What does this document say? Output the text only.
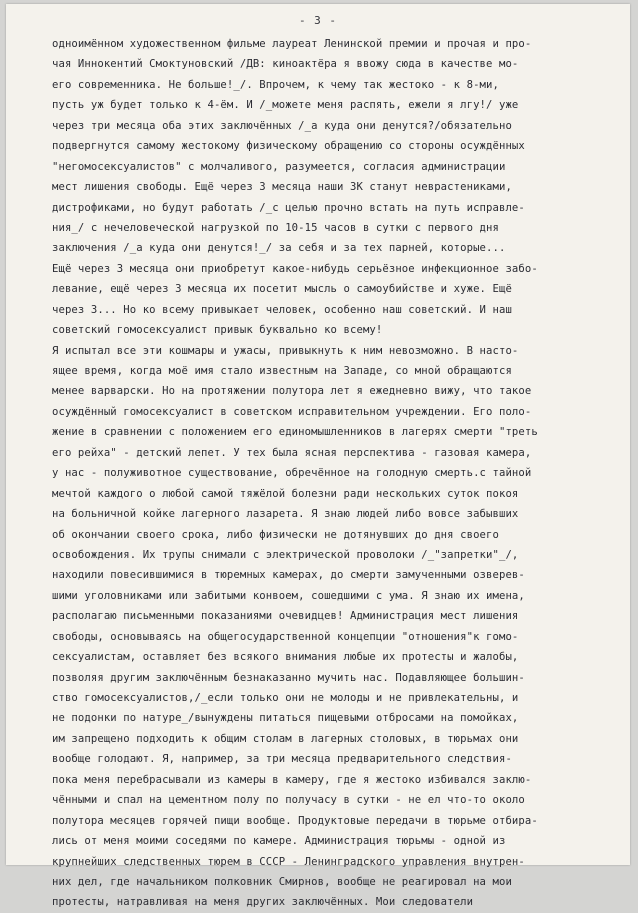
- 3 -
одноимённом художественном фильме лауреат Ленинской премии и прочая и про-
чая Иннокентий Смоктуновский /ДВ: киноактёра я ввожу сюда в качестве мо-
его современника. Не больше!_/. Впрочем, к чему так жестоко - к 8-ми,
пусть уж будет только к 4-ём. И /_можете меня распять, ежели я лгу!/ уже
через три месяца оба этих заключённых /_а куда они денутся?/обязательно
подвергнутся самому жестокому физическому обращению со стороны осуждённых
"негомосексуалистов" с молчаливого, разумеется, согласия администрации
мест лишения свободы. Ещё через 3 месяца наши ЗК станут неврастениками,
дистрофиками, но будут работать /_с целью прочно встать на путь исправле-
ния_/ с нечеловеческой нагрузкой по 10-15 часов в сутки с первого дня
заключения /_а куда они денутся!_/ за себя и за тех парней, которые...
Ещё через 3 месяца они приобретут какое-нибудь серьёзное инфекционное забо-
левание, ещё через 3 месяца их посетит мысль о самоубийстве и хуже. Ещё
через 3... Но ко всему привыкает человек, особенно наш советский. И наш
советский гомосексуалист привык буквально ко всему!
Я испытал все эти кошмары и ужасы, привыкнуть к ним невозможно. В насто-
ящее время, когда моё имя стало известным на Западе, со мной обращаются
менее варварски. Но на протяжении полутора лет я ежедневно вижу, что такое
осуждённый гомосексуалист в советском исправительном учреждении. Его поло-
жение в сравнении с положением его единомышленников в лагерях смерти "треть
его рейха" - детский лепет. У тех была ясная перспектива - газовая камера,
у нас - полуживотное существование, обречённое на голодную смерть.с тайной
мечтой каждого о любой самой тяжёлой болезни ради нескольких суток покоя
на больничной койке лагерного лазарета. Я знаю людей либо вовсе забывших
об окончании своего срока, либо физически не дотянувших до дня своего
освобождения. Их трупы снимали с электрической проволоки /_"запретки"_/,
находили повесившимися в тюремных камерах, до смерти замученными озверев-
шими уголовниками или забитыми конвоем, сошедшими с ума. Я знаю их имена,
располагаю письменными показаниями очевидцев! Администрация мест лишения
свободы, основываясь на общегосударственной концепции "отношения"к гомо-
сексуалистам, оставляет без всякого внимания любые их протесты и жалобы,
позволяя другим заключённым безнаказанно мучить нас. Подавляющее большин-
ство гомосексуалистов,/_если только они не молоды и не привлекательны, и
не подонки по натуре_/вынуждены питаться пищевыми отбросами на помойках,
им запрещено подходить к общим столам в лагерных столовых, в тюрьмах они
вообще голодают. Я, например, за три месяца предварительного следствия-
пока меня перебрасывали из камеры в камеру, где я жестоко избивался заклю-
чёнными и спал на цементном полу по получасу в сутки - не ел что-то около
полутора месяцев горячей пищи вообще. Продуктовые передачи в тюрьме отбира-
лись от меня моими соседями по камере. Администрация тюрьмы - одной из
крупнейших следственных тюрем в СССР - Ленинградского управления внутрен-
них дел, где начальником полковник Смирнов, вообще не реагировал на мои
протесты, натравливая на меня других заключённых. Мои следователи
